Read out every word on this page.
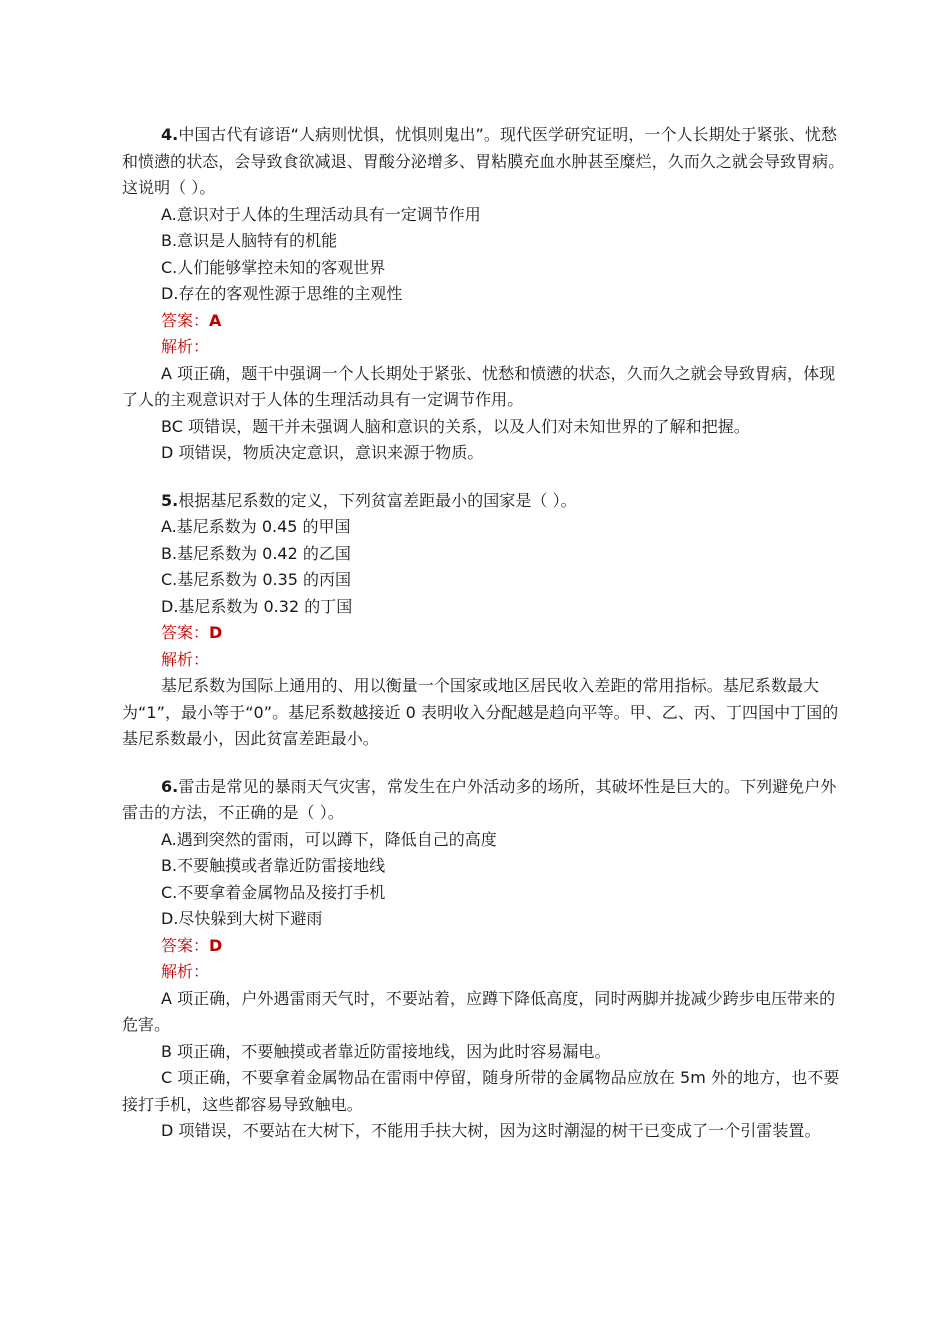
4.中国古代有谚语“人病则忧惧，忧惧则鬼出”。现代医学研究证明，一个人长期处于紧张、忧愁和愤懑的状态，会导致食欲减退、胃酸分泌增多、胃粘膜充血水肿甚至糜烂，久而久之就会导致胃病。这说明（ ）。

A.意识对于人体的生理活动具有一定调节作用

B.意识是人脑特有的机能

C.人们能够掌控未知的客观世界

D.存在的客观性源于思维的主观性

答案：A

解析：

A 项正确，题干中强调一个人长期处于紧张、忧愁和愤懑的状态，久而久之就会导致胃病，体现了人的主观意识对于人体的生理活动具有一定调节作用。

BC 项错误，题干并未强调人脑和意识的关系，以及人们对未知世界的了解和把握。

D 项错误，物质决定意识，意识来源于物质。

5.根据基尼系数的定义，下列贫富差距最小的国家是（ ）。

A.基尼系数为 0.45 的甲国

B.基尼系数为 0.42 的乙国

C.基尼系数为 0.35 的丙国

D.基尼系数为 0.32 的丁国

答案：D

解析：

基尼系数为国际上通用的、用以衡量一个国家或地区居民收入差距的常用指标。基尼系数最大为“1”，最小等于“0”。基尼系数越接近 0 表明收入分配越是趋向平等。甲、乙、丙、丁四国中丁国的基尼系数最小，因此贫富差距最小。

6.雷击是常见的暴雨天气灾害，常发生在户外活动多的场所，其破坏性是巨大的。下列避免户外雷击的方法，不正确的是（ ）。

A.遇到突然的雷雨，可以蹲下，降低自己的高度

B.不要触摸或者靠近防雷接地线

C.不要拿着金属物品及接打手机

D.尽快躲到大树下避雨

答案：D

解析：

A 项正确，户外遇雷雨天气时，不要站着，应蹲下降低高度，同时两脚并拢减少跨步电压带来的危害。

B 项正确，不要触摸或者靠近防雷接地线，因为此时容易漏电。

C 项正确，不要拿着金属物品在雷雨中停留，随身所带的金属物品应放在 5m 外的地方，也不要接打手机，这些都容易导致触电。

D 项错误，不要站在大树下，不能用手扶大树，因为这时潮湿的树干已变成了一个引雷装置。
